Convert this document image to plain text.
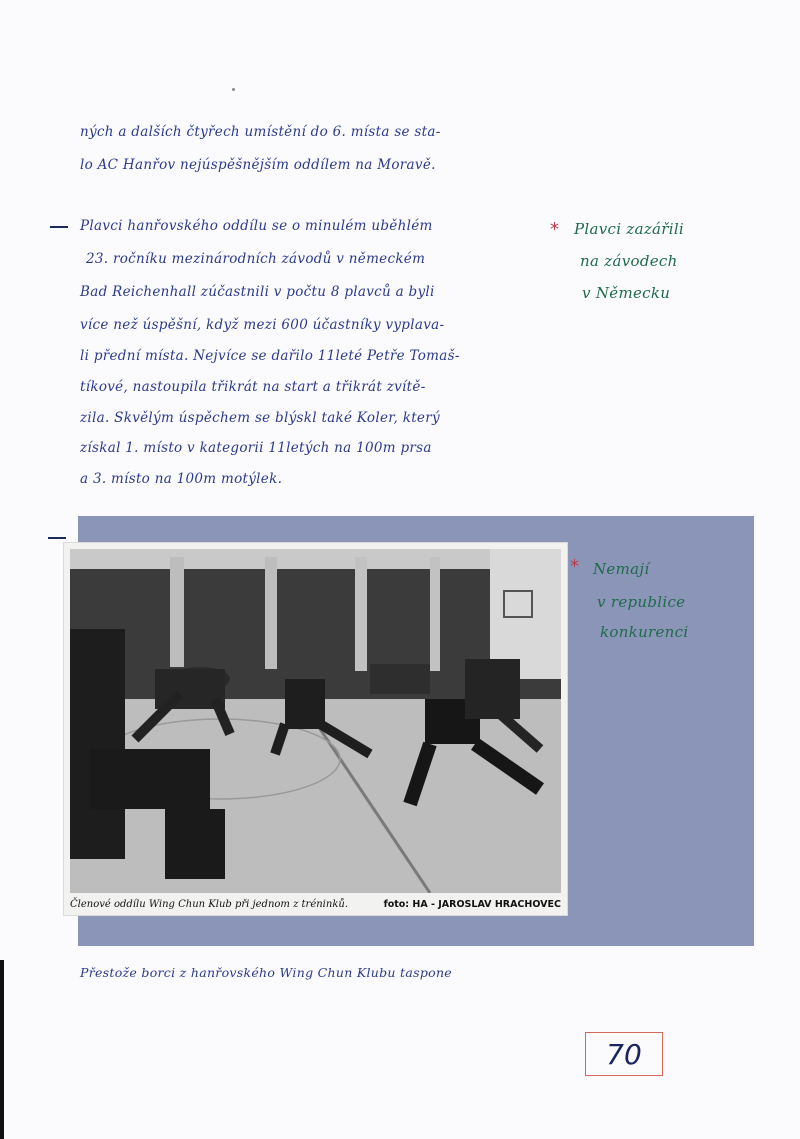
ných a dalších čtyřech umístění do 6. místa se sta-
lo AC Hanřov nejúspěšnějším oddílem na Moravě.
Plavci hanřovského oddílu se o minulém uběhlém
23. ročníku mezinárodních závodů v německém
Bad Reichenhall zúčastnili v počtu 8 plavců a byli
více než úspěšní, když mezi 600 účastníky vyplava-
li přední místa. Nejvíce se dařilo 11leté Petře Tomaš-
tíkové, nastoupila třikrát na start a třikrát zvítě-
zila. Skvělým úspěchem se blýskl také Koler, který
získal 1. místo v kategorii 11letých na 100m prsa
a 3. místo na 100m motýlek.
* Plavci zazářili
na závodech
v Německu
Členové oddílu Wing Chun Klub při jednom z tréninků.	foto: HA - JAROSLAV HRACHOVEC
* Nemají
v republice
konkurenci
Přestože borci z hanřovského Wing Chun Klubu taspone
70
